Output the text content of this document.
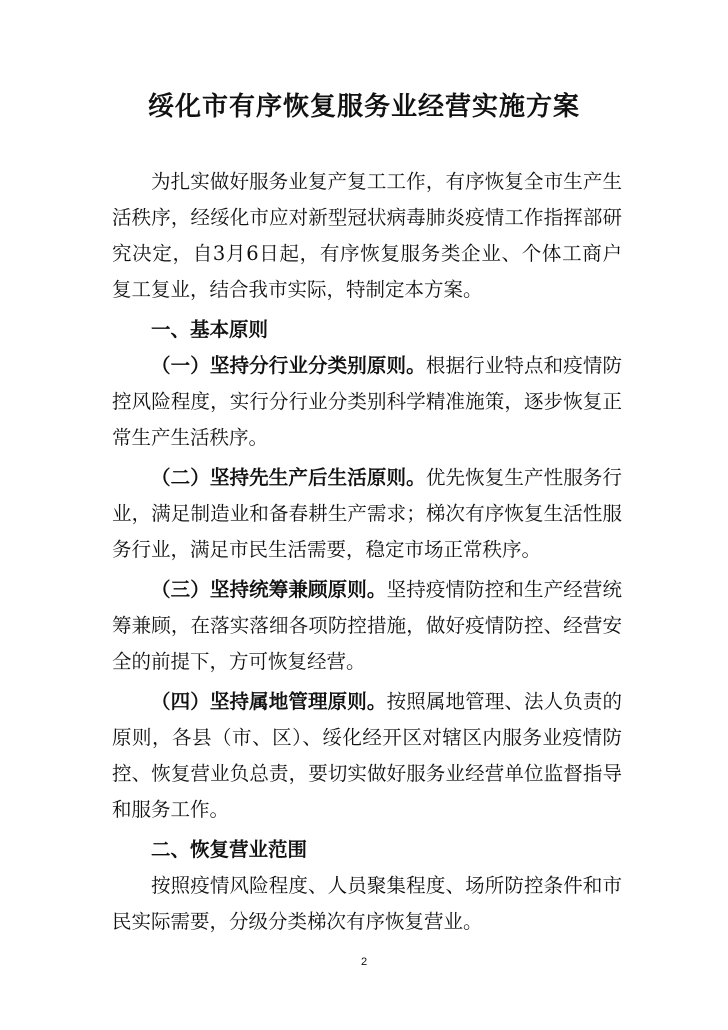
绥化市有序恢复服务业经营实施方案

为扎实做好服务业复产复工工作，有序恢复全市生产生活秩序，经绥化市应对新型冠状病毒肺炎疫情工作指挥部研究决定，自3月6日起，有序恢复服务类企业、个体工商户复工复业，结合我市实际，特制定本方案。

一、基本原则

（一）坚持分行业分类别原则。根据行业特点和疫情防控风险程度，实行分行业分类别科学精准施策，逐步恢复正常生产生活秩序。

（二）坚持先生产后生活原则。优先恢复生产性服务行业，满足制造业和备春耕生产需求；梯次有序恢复生活性服务行业，满足市民生活需要，稳定市场正常秩序。

（三）坚持统筹兼顾原则。坚持疫情防控和生产经营统筹兼顾，在落实落细各项防控措施，做好疫情防控、经营安全的前提下，方可恢复经营。

（四）坚持属地管理原则。按照属地管理、法人负责的原则，各县（市、区）、绥化经开区对辖区内服务业疫情防控、恢复营业负总责，要切实做好服务业经营单位监督指导和服务工作。

二、恢复营业范围

按照疫情风险程度、人员聚集程度、场所防控条件和市民实际需要，分级分类梯次有序恢复营业。

2
